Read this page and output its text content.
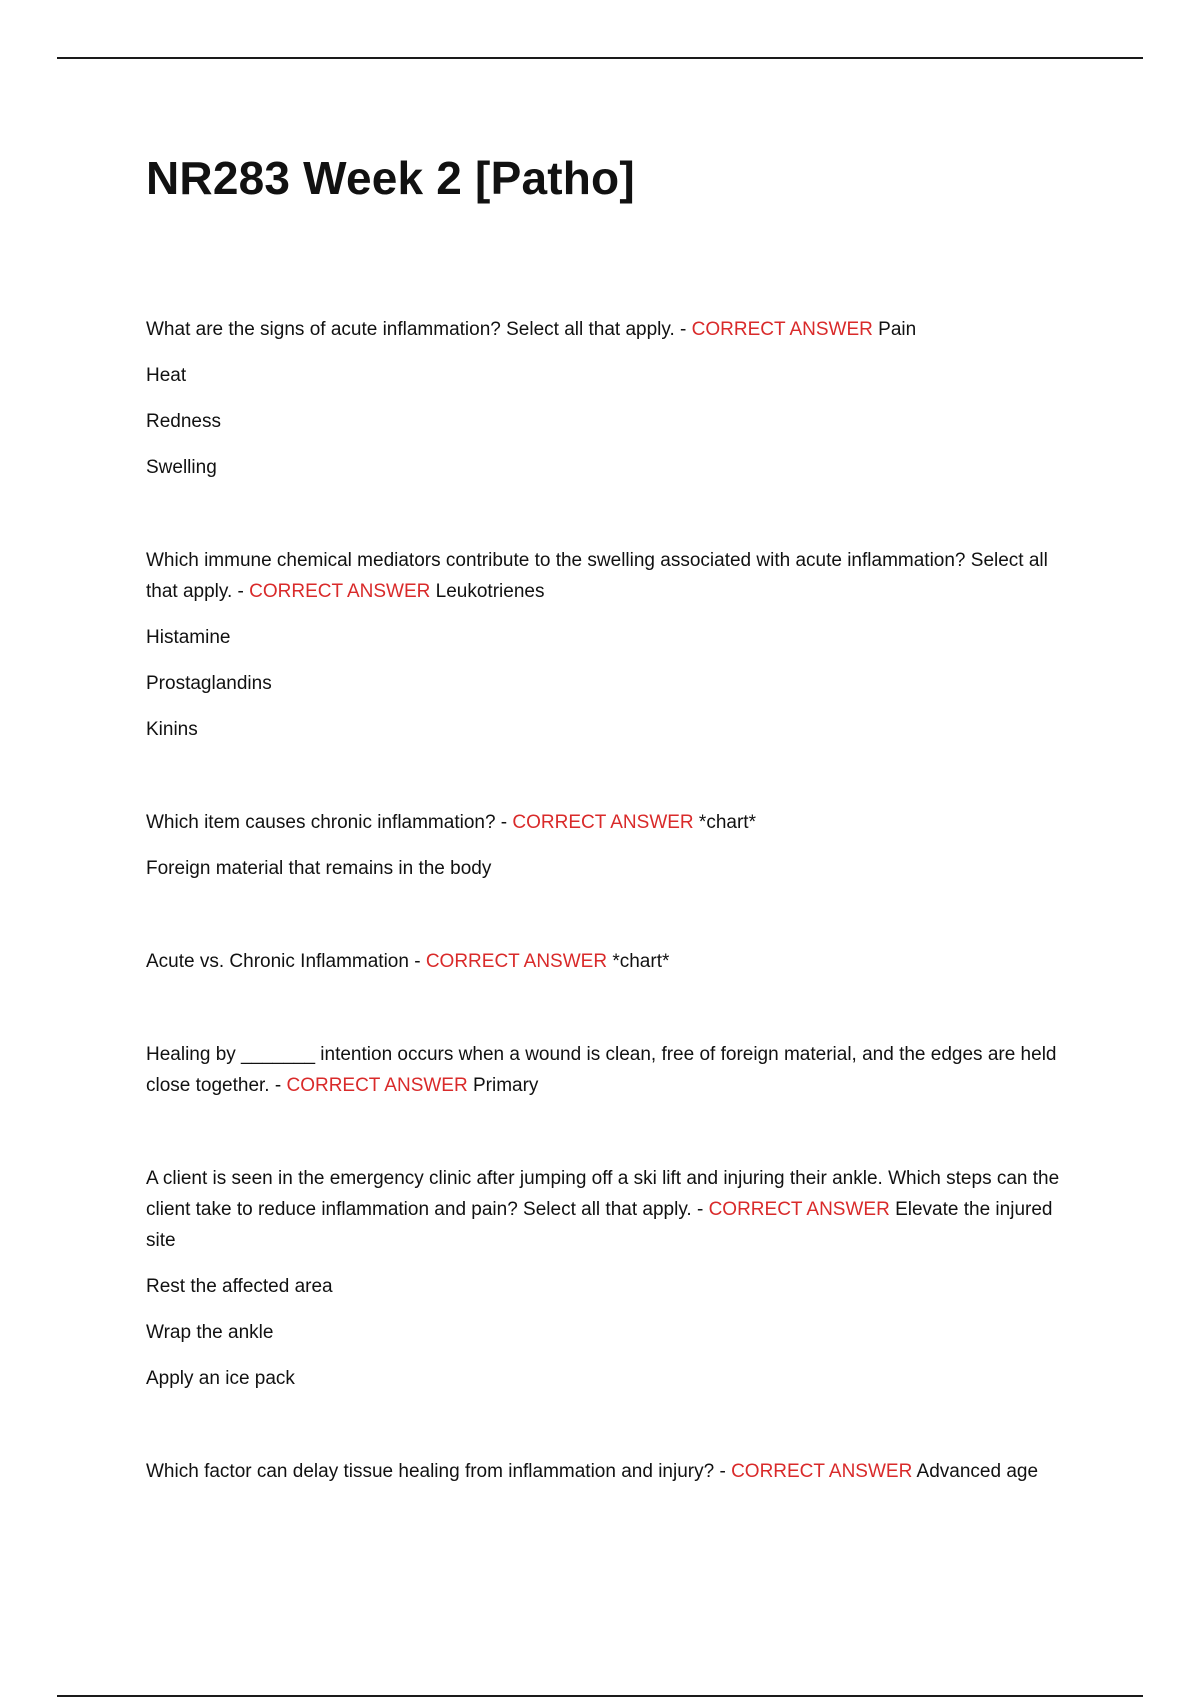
NR283 Week 2 [Patho]

What are the signs of acute inflammation? Select all that apply. - CORRECT ANSWER Pain

Heat

Redness

Swelling

Which immune chemical mediators contribute to the swelling associated with acute inflammation? Select all that apply. - CORRECT ANSWER Leukotrienes

Histamine

Prostaglandins

Kinins

Which item causes chronic inflammation? - CORRECT ANSWER *chart*

Foreign material that remains in the body

Acute vs. Chronic Inflammation - CORRECT ANSWER *chart*

Healing by _______ intention occurs when a wound is clean, free of foreign material, and the edges are held close together. - CORRECT ANSWER Primary

A client is seen in the emergency clinic after jumping off a ski lift and injuring their ankle. Which steps can the client take to reduce inflammation and pain? Select all that apply. - CORRECT ANSWER Elevate the injured site

Rest the affected area

Wrap the ankle

Apply an ice pack

Which factor can delay tissue healing from inflammation and injury? - CORRECT ANSWER Advanced age
